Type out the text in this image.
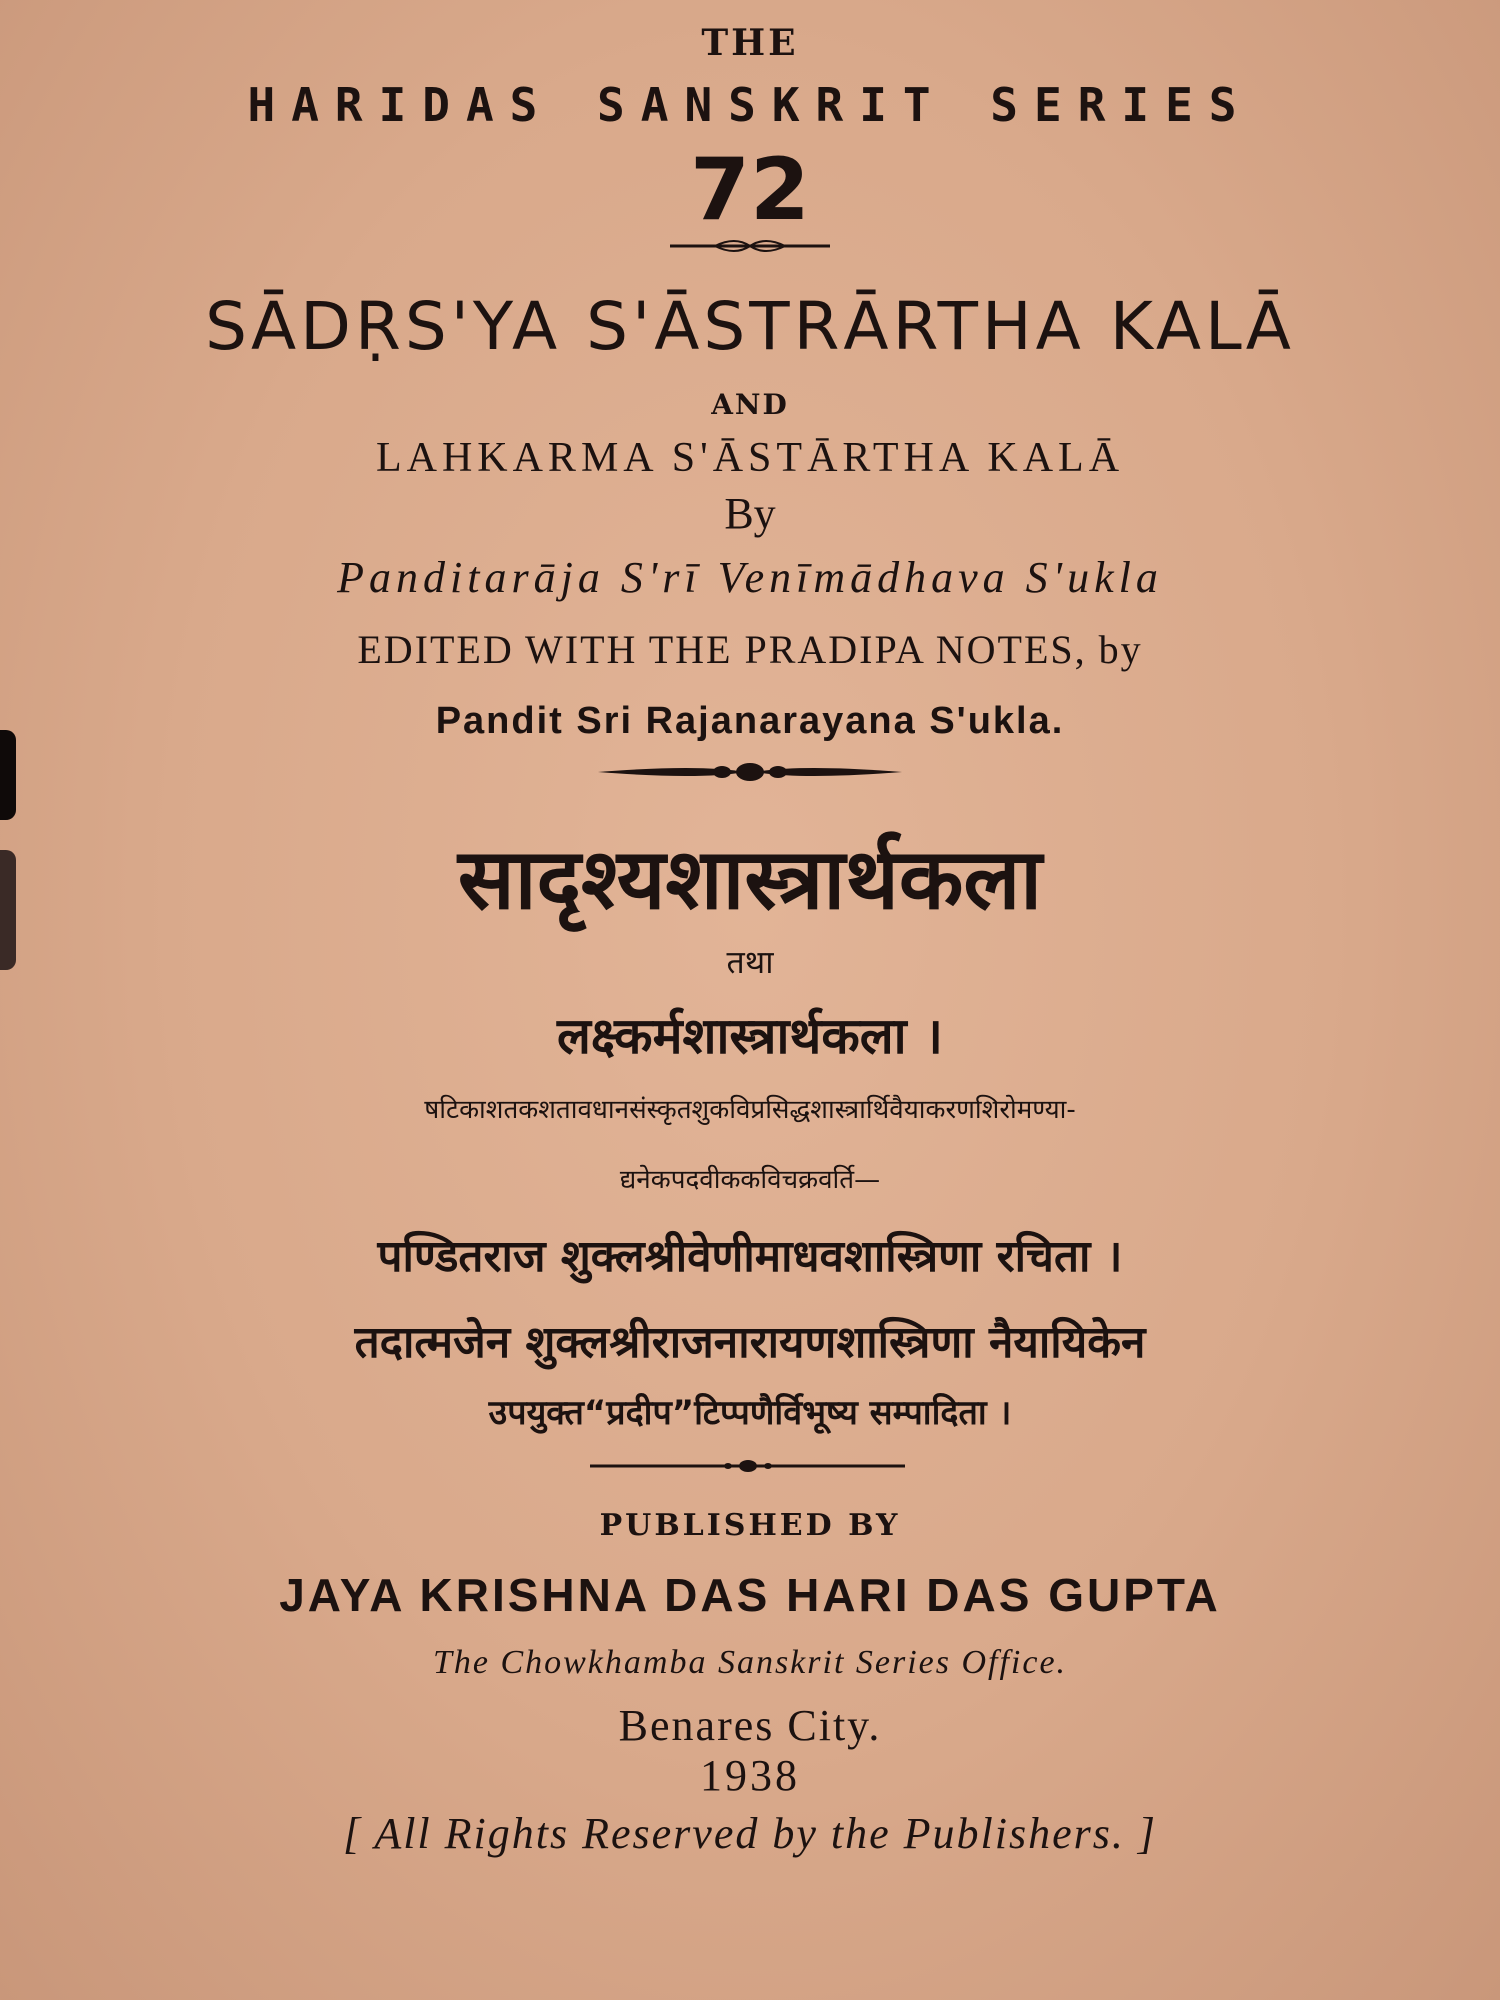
THE
HARIDAS SANSKRIT SERIES
72
SĀDṚS'YA S'ĀSTRĀRTHA KALĀ
AND
LAHKARMA S'ĀSTĀRTHA KALĀ
By
Panditarāja S'rī Venīmādhava S'ukla
EDITED WITH THE PRADIPA NOTES, by
Pandit Sri Rajanarayana S'ukla.
सादृश्यशास्त्रार्थकला
तथा
लक्ष्कर्मशास्त्रार्थकला ।
षटिकाशतकशतावधानसंस्कृतशुकविप्रसिद्धशास्त्रार्थिवैयाकरणशिरोमण्या-
द्यनेकपदवीककविचक्रवर्ति—
पण्डितराज शुक्लश्रीवेणीमाधवशास्त्रिणा रचिता ।
तदात्मजेन शुक्लश्रीराजनारायणशास्त्रिणा नैयायिकेन
उपयुक्त“प्रदीप”टिप्पणैर्विभूष्य सम्पादिता ।
PUBLISHED BY
JAYA KRISHNA DAS HARI DAS GUPTA
The Chowkhamba Sanskrit Series Office.
Benares City.
1938
[ All Rights Reserved by the Publishers. ]
